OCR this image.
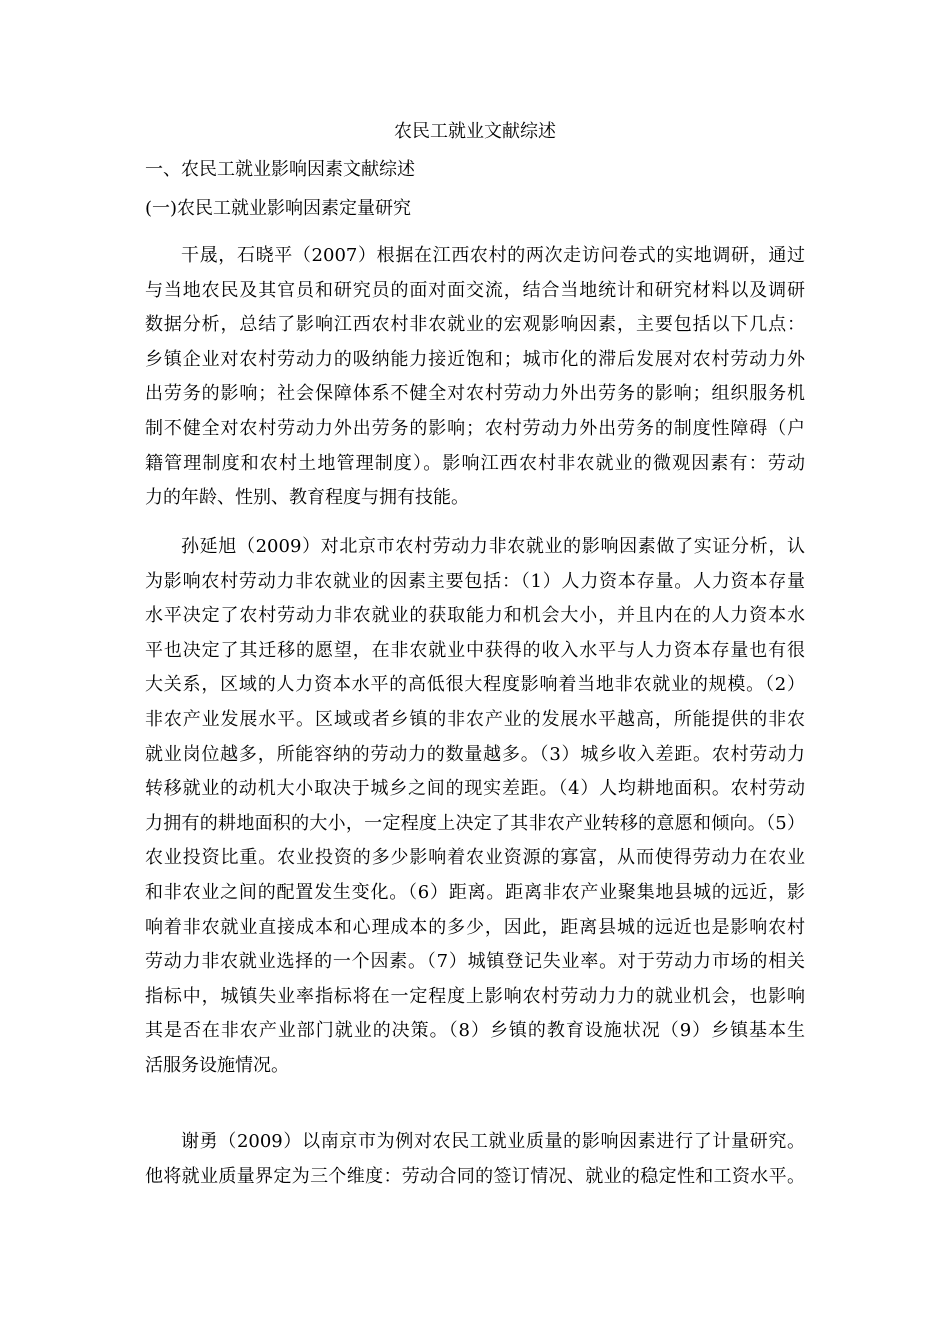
农民工就业文献综述
一、农民工就业影响因素文献综述
(一)农民工就业影响因素定量研究
干晟，石晓平（2007）根据在江西农村的两次走访问卷式的实地调研，通过
与当地农民及其官员和研究员的面对面交流，结合当地统计和研究材料以及调研
数据分析，总结了影响江西农村非农就业的宏观影响因素，主要包括以下几点：
乡镇企业对农村劳动力的吸纳能力接近饱和；城市化的滞后发展对农村劳动力外
出劳务的影响；社会保障体系不健全对农村劳动力外出劳务的影响；组织服务机
制不健全对农村劳动力外出劳务的影响；农村劳动力外出劳务的制度性障碍（户
籍管理制度和农村土地管理制度）。影响江西农村非农就业的微观因素有：劳动
力的年龄、性别、教育程度与拥有技能。
孙延旭（2009）对北京市农村劳动力非农就业的影响因素做了实证分析，认
为影响农村劳动力非农就业的因素主要包括：（1）人力资本存量。人力资本存量
水平决定了农村劳动力非农就业的获取能力和机会大小，并且内在的人力资本水
平也决定了其迁移的愿望，在非农就业中获得的收入水平与人力资本存量也有很
大关系，区域的人力资本水平的高低很大程度影响着当地非农就业的规模。（2）
非农产业发展水平。区域或者乡镇的非农产业的发展水平越高，所能提供的非农
就业岗位越多，所能容纳的劳动力的数量越多。（3）城乡收入差距。农村劳动力
转移就业的动机大小取决于城乡之间的现实差距。（4）人均耕地面积。农村劳动
力拥有的耕地面积的大小，一定程度上决定了其非农产业转移的意愿和倾向。（5）
农业投资比重。农业投资的多少影响着农业资源的寡富，从而使得劳动力在农业
和非农业之间的配置发生变化。（6）距离。距离非农产业聚集地县城的远近，影
响着非农就业直接成本和心理成本的多少，因此，距离县城的远近也是影响农村
劳动力非农就业选择的一个因素。（7）城镇登记失业率。对于劳动力市场的相关
指标中，城镇失业率指标将在一定程度上影响农村劳动力力的就业机会，也影响
其是否在非农产业部门就业的决策。（8）乡镇的教育设施状况（9）乡镇基本生
活服务设施情况。
谢勇（2009）以南京市为例对农民工就业质量的影响因素进行了计量研究。
他将就业质量界定为三个维度：劳动合同的签订情况、就业的稳定性和工资水平。
